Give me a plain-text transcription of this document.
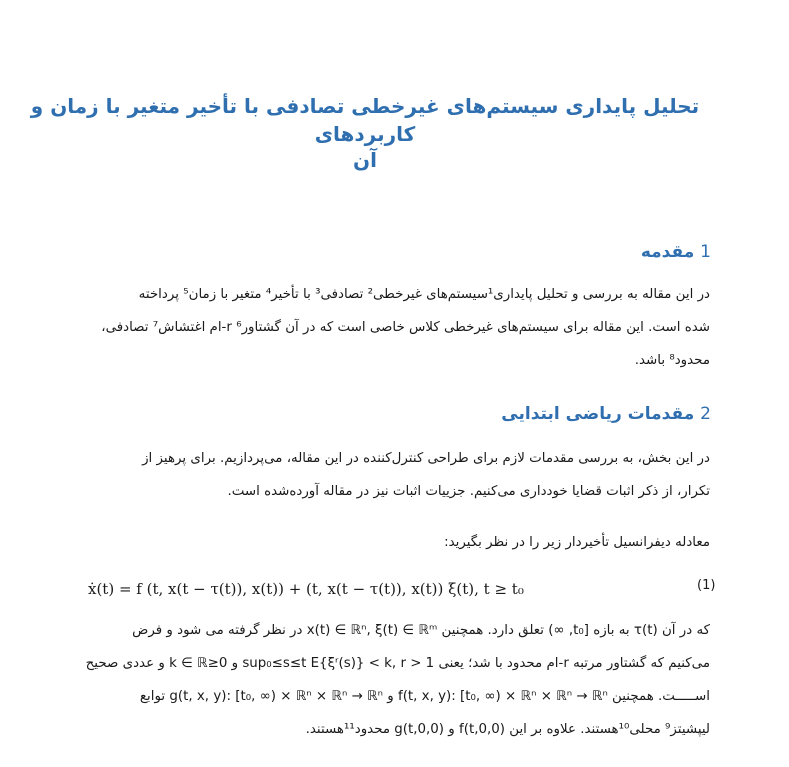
تحلیل پایداری سیستم‌های غیرخطی تصادفی با تأخیر متغیر با زمان و کاربردهای
آن
1 مقدمه

در این مقاله به بررسی و تحلیل پایداری¹سیستم‌های غیرخطی² تصادفی³ با تأخیر⁴ متغیر با زمان⁵ پرداخته

شده است. این مقاله برای سیستم‌های غیرخطی کلاس خاصی است که در آن گشتاور⁶ r-ام اغتشاش⁷ تصادفی،

محدود⁸ باشد.

2 مقدمات ریاضی ابتدایی

در این بخش، به بررسی مقدمات لازم برای طراحی کنترل‌کننده در این مقاله، می‌پردازیم. برای پرهیز از

تکرار، از ذکر اثبات قضایا خودداری می‌کنیم. جزییات اثبات نیز در مقاله آورده‌شده است.

معادله دیفرانسیل تأخیردار زیر را در نظر بگیرید:

ẋ(t) = f (t, x(t − τ(t)), x(t)) + (t, x(t − τ(t)), x(t)) ξ(t), t ≥ t₀	(1)

که در آن τ(t) به بازه [t₀, ∞) تعلق دارد. همچنین x(t) ∈ ℝⁿ, ξ(t) ∈ ℝᵐ در نظر گرفته می شود و فرض

می‌کنیم که گشتاور مرتبه r-ام محدود با شد؛ یعنی sup₀≤s≤t E{ξʳ(s)} < k, r > 1 و k ∈ ℝ≥0 و عددی صحیح

اســـــت. همچنین f(t, x, y): [t₀, ∞) × ℝⁿ × ℝⁿ → ℝⁿ و g(t, x, y): [t₀, ∞) × ℝⁿ × ℝⁿ → ℝⁿ توابع

لیپشیتز⁹ محلی¹⁰هستند. علاوه بر این f(t,0,0) و g(t,0,0) محدود¹¹هستند.
